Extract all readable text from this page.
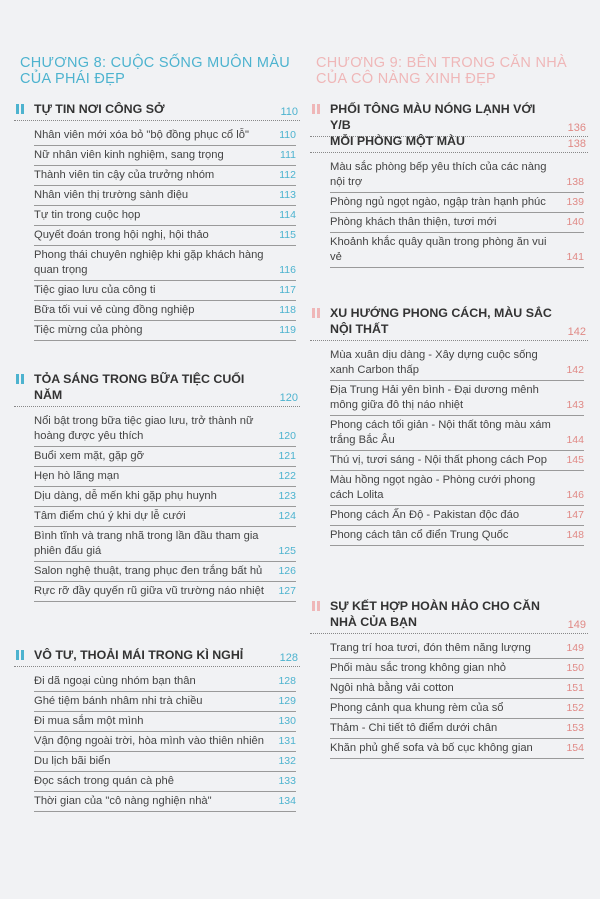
CHƯƠNG 8: CUỘC SỐNG MUÔN MÀU CỦA PHÁI ĐẸP
TỰ TIN NƠI CÔNG SỞ	110
Nhân viên mới xóa bỏ "bộ đồng phục cổ lỗ"	110
Nữ nhân viên kinh nghiệm, sang trọng	111
Thành viên tin cậy của trưởng nhóm	112
Nhân viên thị trường sành điệu	113
Tự tin trong cuộc họp	114
Quyết đoán trong hội nghị, hội thảo	115
Phong thái chuyên nghiệp khi gặp khách hàng quan trọng	116
Tiệc giao lưu của công ti	117
Bữa tối vui vẻ cùng đồng nghiệp	118
Tiệc mừng của phòng	119
TỎA SÁNG TRONG BỮA TIỆC CUỐI NĂM	120
Nổi bật trong bữa tiệc giao lưu, trở thành nữ hoàng được yêu thích	120
Buổi xem mặt, gặp gỡ	121
Hẹn hò lãng mạn	122
Dịu dàng, dễ mến khi gặp phụ huynh	123
Tâm điểm chú ý khi dự lễ cưới	124
Bình tĩnh và trang nhã trong lần đầu tham gia phiên đấu giá	125
Salon nghệ thuật, trang phục đen trắng bất hủ 126
Rực rỡ đầy quyến rũ giữa vũ trường náo nhiệt 127
VÔ TƯ, THOẢI MÁI TRONG KÌ NGHỈ	128
Đi dã ngoại cùng nhóm bạn thân	128
Ghé tiệm bánh nhâm nhi trà chiều	129
Đi mua sắm một mình	130
Vận động ngoài trời, hòa mình vào thiên nhiên 131
Du lịch bãi biển	132
Đọc sách trong quán cà phê	133
Thời gian của "cô nàng nghiện nhà"	134
CHƯƠNG 9: BÊN TRONG CĂN NHÀ CỦA CÔ NÀNG XINH ĐẸP
PHỐI TÔNG MÀU NÓNG LẠNH VỚI Y/B	136
MỖI PHÒNG MỘT MÀU	138
Màu sắc phòng bếp yêu thích của các nàng nội trợ	138
Phòng ngủ ngọt ngào, ngập tràn hạnh phúc 139
Phòng khách thân thiện, tươi mới	140
Khoảnh khắc quây quần trong phòng ăn vui vẻ	141
XU HƯỚNG PHONG CÁCH, MÀU SẮC NỘI THẤT	142
Mùa xuân dịu dàng - Xây dựng cuộc sống xanh Carbon thấp	142
Địa Trung Hải yên bình - Đại dương mênh mông giữa đô thị náo nhiệt	143
Phong cách tối giản - Nội thất tông màu xám trắng Bắc Âu	144
Thú vị, tươi sáng - Nội thất phong cách Pop 145
Màu hồng ngọt ngào - Phòng cưới phong cách Lolita	146
Phong cách Ấn Độ - Pakistan độc đáo	147
Phong cách tân cổ điển Trung Quốc	148
SỰ KẾT HỢP HOÀN HẢO CHO CĂN NHÀ CỦA BẠN	149
Trang trí hoa tươi, đón thêm năng lượng	149
Phối màu sắc trong không gian nhỏ	150
Ngôi nhà bằng vải cotton	151
Phong cảnh qua khung rèm của sổ	152
Thảm - Chi tiết tô điểm dưới chân	153
Khăn phủ ghế sofa và bố cục không gian	154
